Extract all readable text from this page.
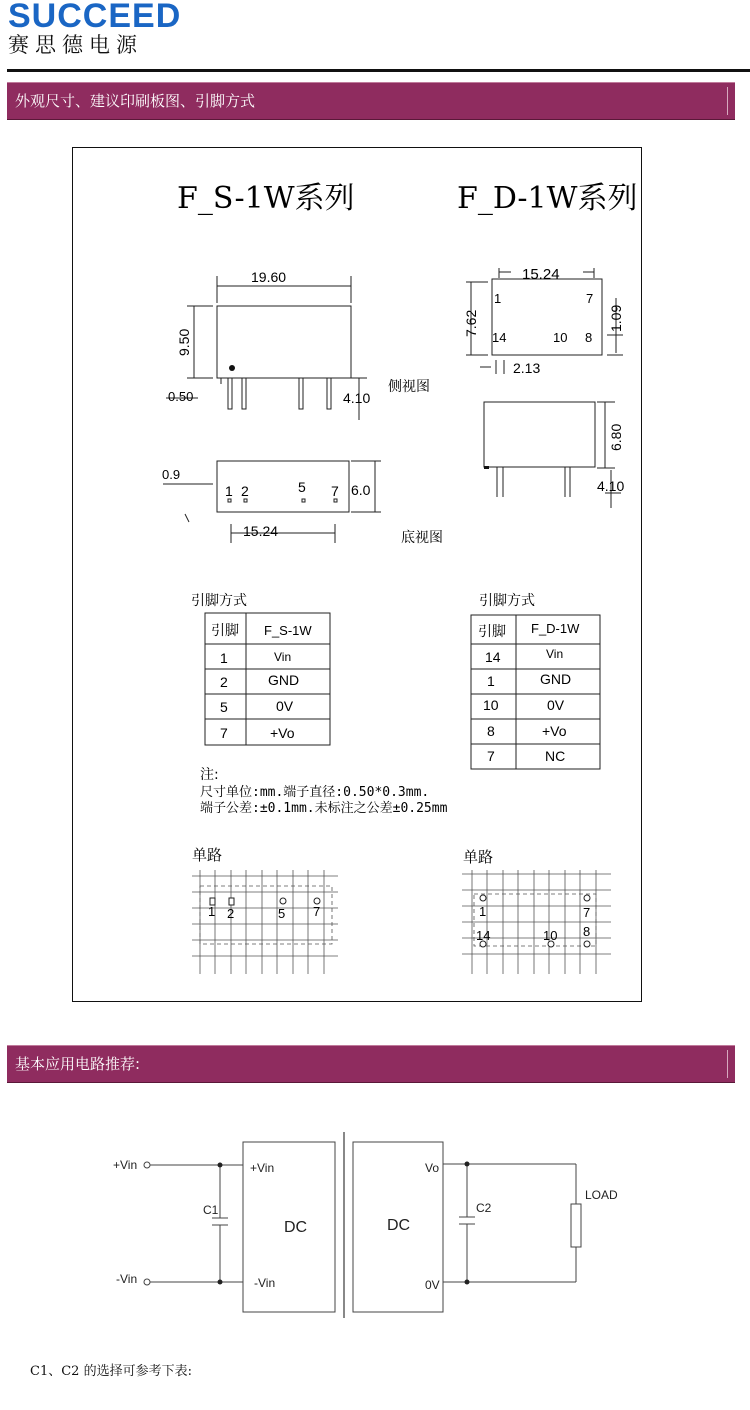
SUCCEED
赛思德电源
外观尺寸、建议印刷板图、引脚方式
F_S-1W系列	F_D-1W系列
19.60
9.50
0.50	4.10
侧视图
0.9
6.0
15.24	底视图
1 2	5 7
15.24
7.62
2.13
1.09
6.80
4.10
1	7
14	10 8
引脚方式
引脚 F_S-1W
1	Vin
2	GND
5	0V
7	+Vo
引脚方式
引脚 F_D-1W
14	Vin
1	GND
10	0V
8	+Vo
7	NC
注:
尺寸单位:mm.端子直径:0.50*0.3mm.
端子公差:±0.1mm.未标注之公差±0.25mm
单路	单路
1 2	5 7	1	7
14	10 8
基本应用电路推荐:
+Vin
-Vin
+Vin
-Vin
C1	C2
DC	DC
Vo
0V
LOAD
C1、C2 的选择可参考下表:
